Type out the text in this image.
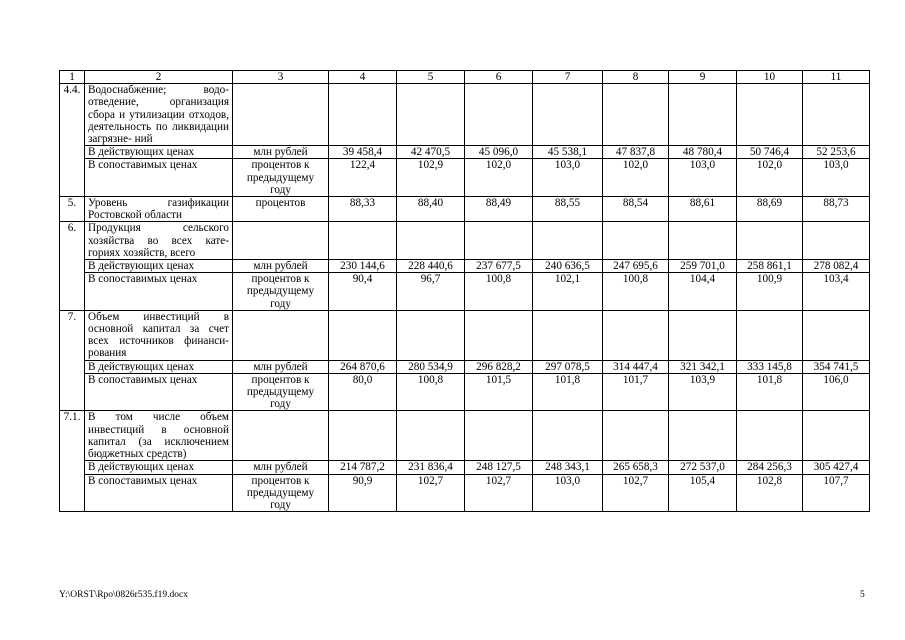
1	2	3	4	5	6	7	8	9	10	11
4.4.	Водоснабжение; водо- отведение, организация сбора и утилизации отходов, деятельность по ликвидации загрязне- ний									
	В действующих ценах	млн рублей	39 458,4	42 470,5	45 096,0	45 538,1	47 837,8	48 780,4	50 746,4	52 253,6
	В сопоставимых ценах	процентов к предыдущему году	122,4	102,9	102,0	103,0	102,0	103,0	102,0	103,0
5.	Уровень газификации Ростовской области	процентов	88,33	88,40	88,49	88,55	88,54	88,61	88,69	88,73
6.	Продукция сельского хозяйства во всех кате- гориях хозяйств, всего									
	В действующих ценах	млн рублей	230 144,6	228 440,6	237 677,5	240 636,5	247 695,6	259 701,0	258 861,1	278 082,4
	В сопоставимых ценах	процентов к предыдущему году	90,4	96,7	100,8	102,1	100,8	104,4	100,9	103,4
7.	Объем инвестиций в основной капитал за счет всех источников финанси- рования									
	В действующих ценах	млн рублей	264 870,6	280 534,9	296 828,2	297 078,5	314 447,4	321 342,1	333 145,8	354 741,5
	В сопоставимых ценах	процентов к предыдущему году	80,0	100,8	101,5	101,8	101,7	103,9	101,8	106,0
7.1.	В том числе объем инвестиций в основной капитал (за исключением бюджетных средств)									
	В действующих ценах	млн рублей	214 787,2	231 836,4	248 127,5	248 343,1	265 658,3	272 537,0	284 256,3	305 427,4
	В сопоставимых ценах	процентов к предыдущему году	90,9	102,7	102,7	103,0	102,7	105,4	102,8	107,7
Y:\ORST\Rpo\0826r535.f19.docx	5
